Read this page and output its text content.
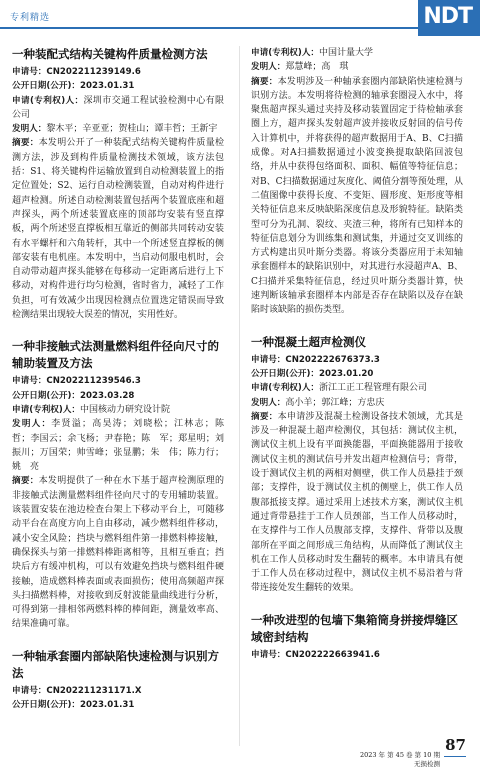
专利精选	NDT

一种装配式结构关键构件质量检测方法

申请号：CN202211239149.6

公开日期(公开)：2023.01.31

申请(专利权)人：深圳市交通工程试验检测中心有限公司

发明人：黎木平；辛亚亚；贺桂山；谭丰哲；王新宇

摘要：本发明公开了一种装配式结构关键构件质量检测方法，涉及到构件质量检测技术领域，该方法包括：S1、将关键构件运输放置到自动检测装置上的指定位置处；S2、运行自动检测装置，自动对构件进行超声检测。所述自动检测装置包括两个装置底座和超声探头，两个所述装置底座的顶部均安装有竖直撑板，两个所述竖直撑板相互靠近的侧部共同转动安装有水平螺杆和六角转杆，其中一个所述竖直撑板的侧部安装有电机座。本发明中，当启动伺服电机时，会自动带动超声探头能够在每移动一定距离后进行上下移动，对构件进行均匀检测，省时省力，减轻了工作负担，可有效减少出现因检测点位置选定错误而导致检测结果出现较大误差的情况，实用性好。

一种非接触式法测量燃料组件径向尺寸的辅助装置及方法

申请号：CN202211239546.3

公开日期(公开)：2023.03.28

申请(专利权)人：中国核动力研究设计院

发明人：李贤溢；高昊涛；刘晓松；江林志；陈　哲；李国云；余飞杨；尹春艳；陈　军；郑星明；刘振川；万国荣；帅雪峰；张显鹏；朱　伟；陈力行；姚　亮

摘要：本发明提供了一种在水下基于超声检测原理的非接触式法测量燃料组件径向尺寸的专用辅助装置。该装置安装在池边检查台架上下移动平台上，可随移动平台在高度方向上自由移动，减少燃料组件移动，减小安全风险；挡块与燃料组件第一排燃料棒接触，确保探头与第一排燃料棒距离相等，且相互垂直；挡块后方有缓冲机构，可以有效避免挡块与燃料组件硬接触，造成燃料棒表面或表面损伤；使用高频超声探头扫描燃料棒，对接收到反射波能量曲线进行分析，可得到第一排相邻两燃料棒的棒间距，测量效率高、结果准确可靠。

一种轴承套圈内部缺陷快速检测与识别方法

申请号：CN202211231171.X

公开日期(公开)：2023.01.31

申请(专利权)人：中国计量大学

发明人：郑慧峰；高　琪

摘要：本发明涉及一种轴承套圈内部缺陷快速检测与识别方法。本发明将待检测的轴承套圈浸入水中，将聚焦超声探头通过夹持及移动装置固定于待检轴承套圈上方，超声探头发射超声波并接收反射回的信号传入计算机中，并将获得的超声数据用于A、B、C扫描成像。对A扫描数据通过小波变换提取缺陷回波包络，并从中获得包络面积、面积、幅值等特征信息；对B、C扫描数据通过灰度化、阈值分割等预处理，从二值图像中获得长度、不变矩、圆形度、矩形度等相关特征信息来反映缺陷深度信息及形貌特征。缺陷类型可分为孔洞、裂纹、夹渣三种，将所有已知样本的特征信息划分为训练集和测试集，并通过交叉训练的方式构建出贝叶斯分类器。将该分类器应用于未知轴承套圈样本的缺陷识别中，对其进行水浸超声A、B、C扫描并采集特征信息，经过贝叶斯分类器计算，快速判断该轴承套圈样本内部是否存在缺陷以及存在缺陷时该缺陷的损伤类型。

一种混凝土超声检测仪

申请号：CN202222676373.3

公开日期(公开)：2023.01.20

申请(专利权)人：浙江工正工程管理有限公司

发明人：高小羊；郭江峰；方忠庆

摘要：本申请涉及混凝土检测设备技术领域，尤其是涉及一种混凝土超声检测仪，其包括：测试仪主机，测试仪主机上设有平面换能器，平面换能器用于接收测试仪主机的测试信号并发出超声检测信号；背带，设于测试仪主机的两相对侧壁，供工作人员悬挂于颈部；支撑件，设于测试仪主机的侧壁上，供工作人员腹部抵接支撑。通过采用上述技术方案，测试仪主机通过背带悬挂于工作人员颈部，当工作人员移动时，在支撑件与工作人员腹部支撑，支撑件、背带以及腹部所在平面之间形成三角结构，从而降低了测试仪主机在工作人员移动时发生翻转的概率。本申请具有便于工作人员在移动过程中，测试仪主机不易沿着与背带连接处发生翻转的效果。

一种改进型的包墙下集箱筒身拼接焊缝区域密封结构

申请号：CN202222663941.6

87
2023 年 第 45 卷 第 10 期
无损检测
